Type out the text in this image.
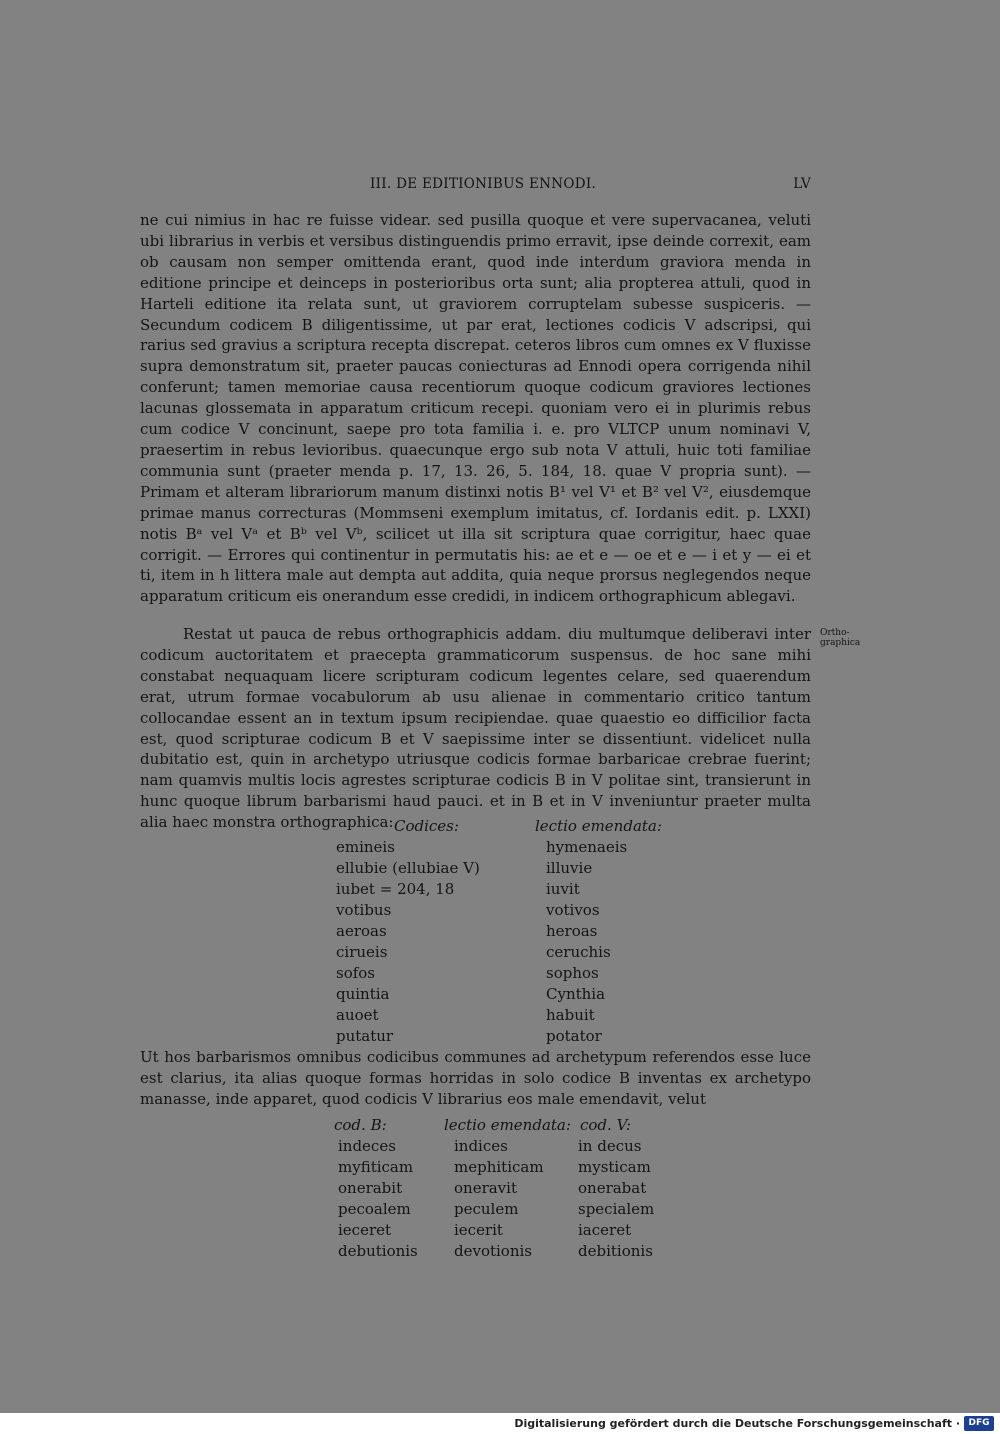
III. DE EDITIONIBUS ENNODI.	LV

ne cui nimius in hac re fuisse videar. sed pusilla quoque et vere supervacanea, veluti ubi librarius in verbis et versibus distinguendis primo erravit, ipse deinde correxit, eam ob causam non semper omittenda erant, quod inde interdum graviora menda in editione principe et deinceps in posterioribus orta sunt; alia propterea attuli, quod in Harteli editione ita relata sunt, ut graviorem corruptelam subesse suspiceris. — Secundum codicem B diligentissime, ut par erat, lectiones codicis V adscripsi, qui rarius sed gravius a scriptura recepta discrepat. ceteros libros cum omnes ex V fluxisse supra demonstratum sit, praeter paucas coniecturas ad Ennodi opera corrigenda nihil conferunt; tamen memoriae causa recentiorum quoque codicum graviores lectiones lacunas glossemata in apparatum criticum recepi. quoniam vero ei in plurimis rebus cum codice V concinunt, saepe pro tota familia i. e. pro VLTCP unum nominavi V, praesertim in rebus levioribus. quaecunque ergo sub nota V attuli, huic toti familiae communia sunt (praeter menda p. 17, 13. 26, 5. 184, 18. quae V propria sunt). — Primam et alteram librariorum manum distinxi notis B¹ vel V¹ et B² vel V², eiusdemque primae manus correcturas (Mommseni exemplum imitatus, cf. Iordanis edit. p. LXXI) notis Bᵃ vel Vᵃ et Bᵇ vel Vᵇ, scilicet ut illa sit scriptura quae corrigitur, haec quae corrigit. — Errores qui continentur in permutatis his: ae et e — oe et e — i et y — ei et ti, item in h littera male aut dempta aut addita, quia neque prorsus neglegendos neque apparatum criticum eis onerandum esse credidi, in indicem orthographicum ablegavi.

Restat ut pauca de rebus orthographicis addam. diu multumque deliberavi inter codicum auctoritatem et praecepta grammaticorum suspensus. de hoc sane mihi constabat nequaquam licere scripturam codicum legentes celare, sed quaerendum erat, utrum formae vocabulorum ab usu alienae in commentario critico tantum collocandae essent an in textum ipsum recipiendae. quae quaestio eo difficilior facta est, quod scripturae codicum B et V saepissime inter se dissentiunt. videlicet nulla dubitatio est, quin in archetypo utriusque codicis formae barbaricae crebrae fuerint; nam quamvis multis locis agrestes scripturae codicis B in V politae sint, transierunt in hunc quoque librum barbarismi haud pauci. et in B et in V inveniuntur praeter multa alia haec monstra orthographica:

Ortho-graphica
Codices:	lectio emendata:
emineis	hymenaeis
ellubie (ellubiae V)	illuvie
iubet = 204, 18	iuvit
votibus	votivos
aeroas	heroas
cirueis	ceruchis
sofos	sophos
quintia	Cynthia
auoet	habuit
putatur	potator

Ut hos barbarismos omnibus codicibus communes ad archetypum referendos esse luce est clarius, ita alias quoque formas horridas in solo codice B inventas ex archetypo manasse, inde apparet, quod codicis V librarius eos male emendavit, velut

cod. B:	lectio emendata: cod. V:
indeces	indices	in decus
myfiticam	mephiticam mysticam
onerabit	oneravit	onerabat
pecoalem	peculem	specialem
ieceret	iecerit	iaceret
debutionis devotionis	debitionis
Digitalisierung gefördert durch die Deutsche Forschungsgemeinschaft · DFG
